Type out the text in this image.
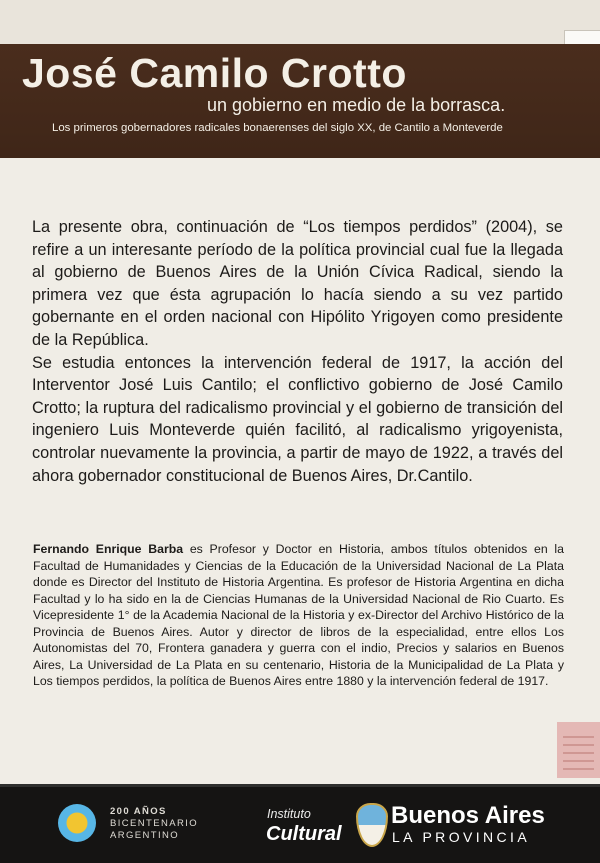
José Camilo Crotto

un gobierno en medio de la borrasca.

Los primeros gobernadores radicales bonaerenses del siglo XX, de Cantilo a Monteverde

La presente obra, continuación de “Los tiempos perdidos” (2004), se refire a un interesante período de la política provincial cual fue la llegada al gobierno de Buenos Aires de la Unión Cívica Radical, siendo la primera vez que ésta agrupación lo hacía siendo a su vez partido gobernante en el orden nacional con Hipólito Yrigoyen como presidente de la República.

Se estudia entonces la intervención federal de 1917, la acción del Interventor José Luis Cantilo; el conflictivo gobierno de José Camilo Crotto; la ruptura del radicalismo provincial y el gobierno de transición del ingeniero Luis Monteverde quién facilitó, al radicalismo yrigoyenista, controlar nuevamente la provincia, a partir de mayo de 1922, a través del ahora gobernador constitucional de Buenos Aires, Dr.Cantilo.

Fernando Enrique Barba es Profesor y Doctor en Historia, ambos títulos obtenidos en la Facultad de Humanidades y Ciencias de la Educación de la Universidad Nacional de La Plata donde es Director del Instituto de Historia Argentina. Es profesor de Historia Argentina en dicha Facultad y lo ha sido en la de Ciencias Humanas de la Universidad Nacional de Rio Cuarto. Es Vicepresidente 1° de la Academia Nacional de la Historia y ex-Director del Archivo Histórico de la Provincia de Buenos Aires. Autor y director de libros de la especialidad, entre ellos Los Autonomistas del 70, Frontera ganadera y guerra con el indio, Precios y salarios en Buenos Aires, La Universidad de La Plata en su centenario, Historia de la Municipalidad de La Plata y Los tiempos perdidos, la política de Buenos Aires entre 1880 y la intervención federal de 1917.

200 AÑOS
BICENTENARIO
ARGENTINO
Instituto
Cultural
Buenos Aires
LA PROVINCIA
